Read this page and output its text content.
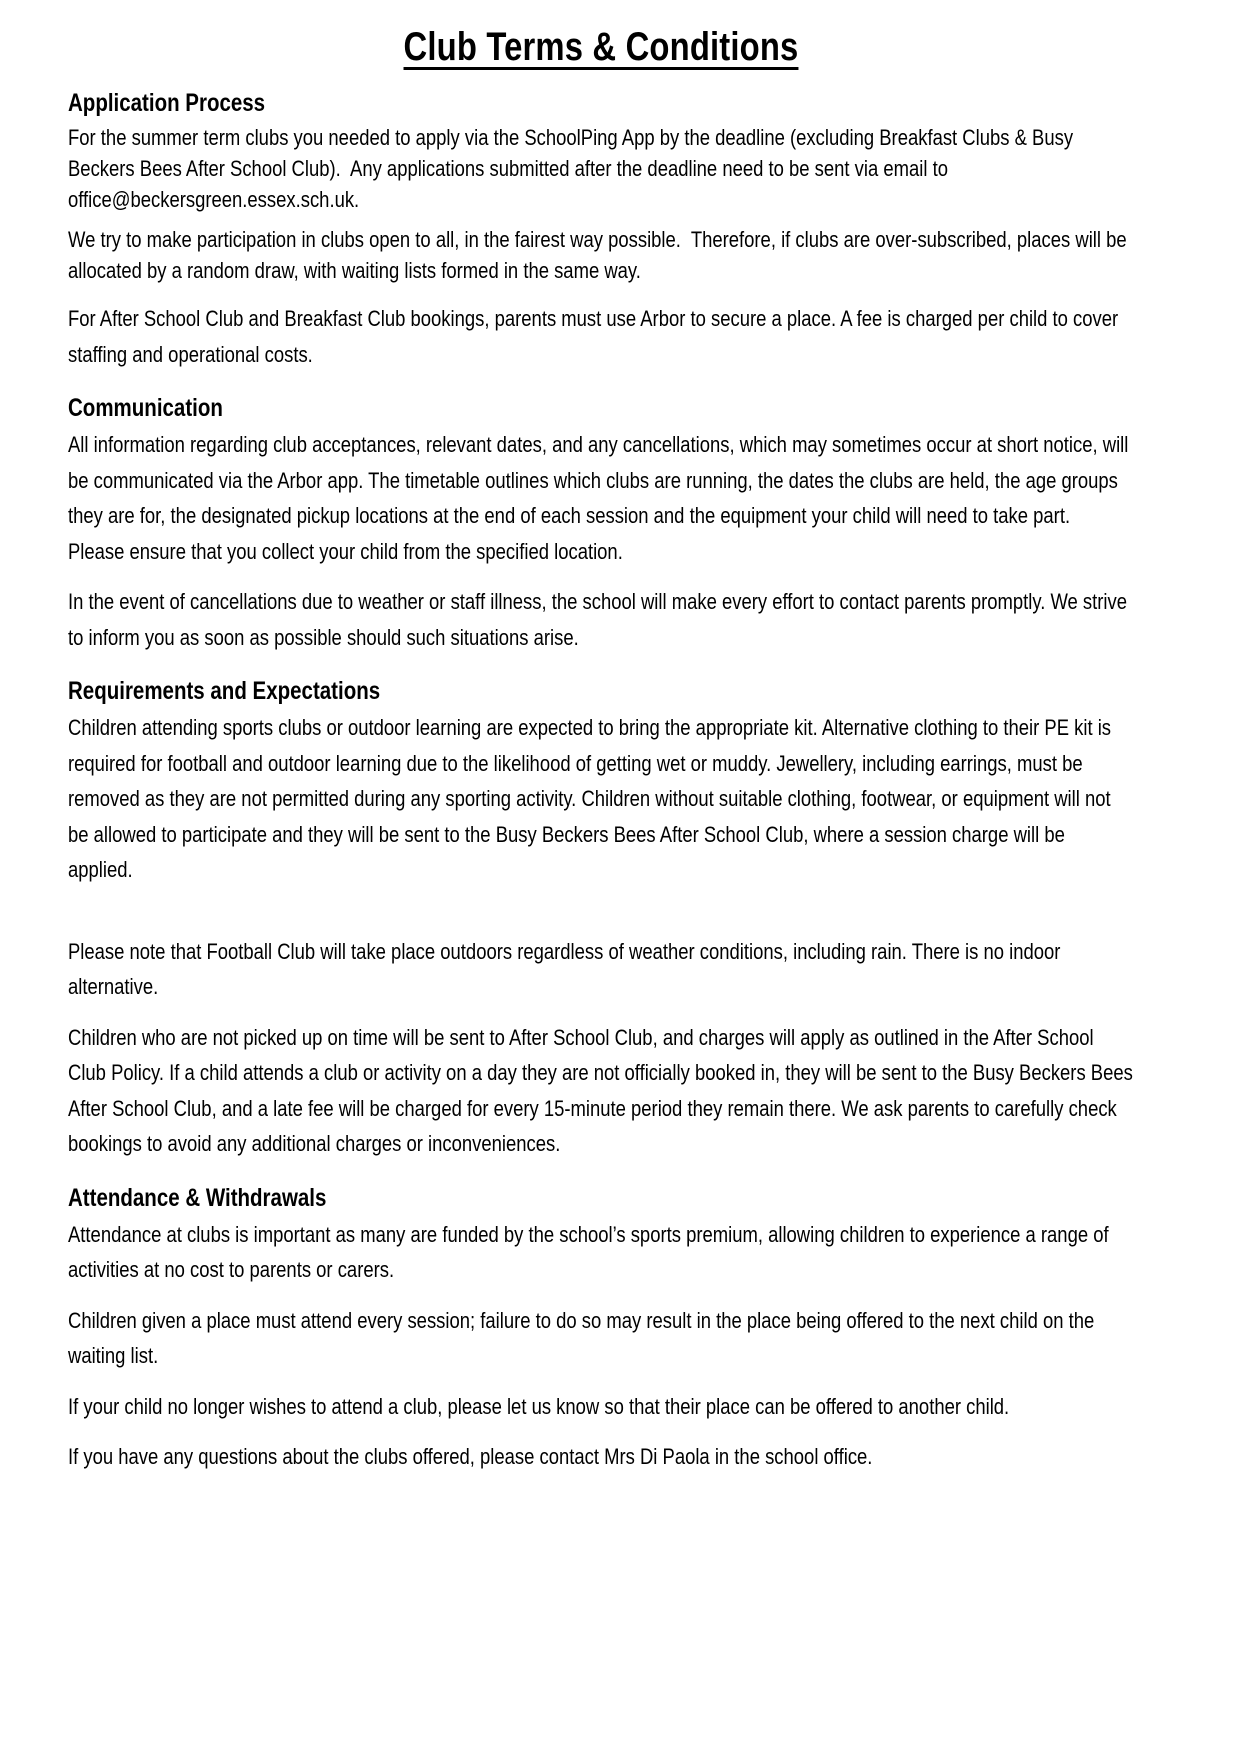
Club Terms & Conditions
Application Process

For the summer term clubs you needed to apply via the SchoolPing App by the deadline (excluding Breakfast Clubs & Busy Beckers Bees After School Club).  Any applications submitted after the deadline need to be sent via email to office@beckersgreen.essex.sch.uk.

We try to make participation in clubs open to all, in the fairest way possible.  Therefore, if clubs are over-subscribed, places will be allocated by a random draw, with waiting lists formed in the same way.

For After School Club and Breakfast Club bookings, parents must use Arbor to secure a place. A fee is charged per child to cover staffing and operational costs.

Communication

All information regarding club acceptances, relevant dates, and any cancellations, which may sometimes occur at short notice, will be communicated via the Arbor app. The timetable outlines which clubs are running, the dates the clubs are held, the age groups they are for, the designated pickup locations at the end of each session and the equipment your child will need to take part.   Please ensure that you collect your child from the specified location.

In the event of cancellations due to weather or staff illness, the school will make every effort to contact parents promptly. We strive to inform you as soon as possible should such situations arise.

Requirements and Expectations

Children attending sports clubs or outdoor learning are expected to bring the appropriate kit. Alternative clothing to their PE kit is required for football and outdoor learning due to the likelihood of getting wet or muddy. Jewellery, including earrings, must be removed as they are not permitted during any sporting activity. Children without suitable clothing, footwear, or equipment will not be allowed to participate and they will be sent to the Busy Beckers Bees After School Club, where a session charge will be applied.

Please note that Football Club will take place outdoors regardless of weather conditions, including rain. There is no indoor alternative.

Children who are not picked up on time will be sent to After School Club, and charges will apply as outlined in the After School Club Policy. If a child attends a club or activity on a day they are not officially booked in, they will be sent to the Busy Beckers Bees After School Club, and a late fee will be charged for every 15-minute period they remain there. We ask parents to carefully check bookings to avoid any additional charges or inconveniences.

Attendance & Withdrawals

Attendance at clubs is important as many are funded by the school’s sports premium, allowing children to experience a range of activities at no cost to parents or carers.

Children given a place must attend every session; failure to do so may result in the place being offered to the next child on the waiting list.

If your child no longer wishes to attend a club, please let us know so that their place can be offered to another child.

If you have any questions about the clubs offered, please contact Mrs Di Paola in the school office.
